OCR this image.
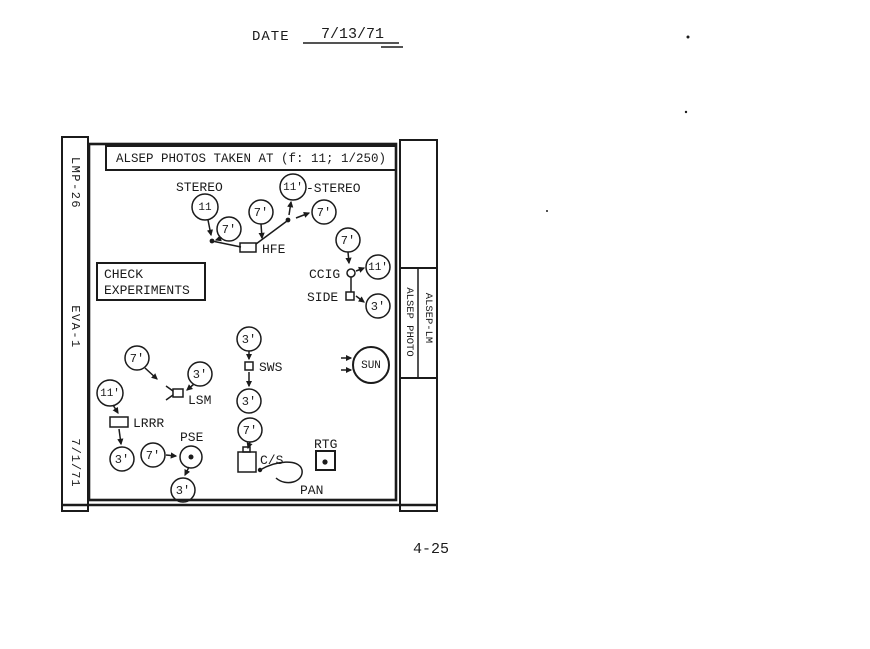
DATE 7/13/71
LMP-26
EVA-1
7/1/71
ALSEP PHOTOS TAKEN AT (f: 11; 1/250)
ALSEP PHOTO ALSEP-LM
CHECK
EXPERIMENTS
SUN
11
7'
7'
11'
7'
7'
11'
3'
3'
3'
7'
7'
3'
11'
3' 7'
3'
STEREO	-STEREO
HFE
CCIG
SIDE
SWS
LSM
LRRR
PSE
C/S
PAN
RTG
4-25
